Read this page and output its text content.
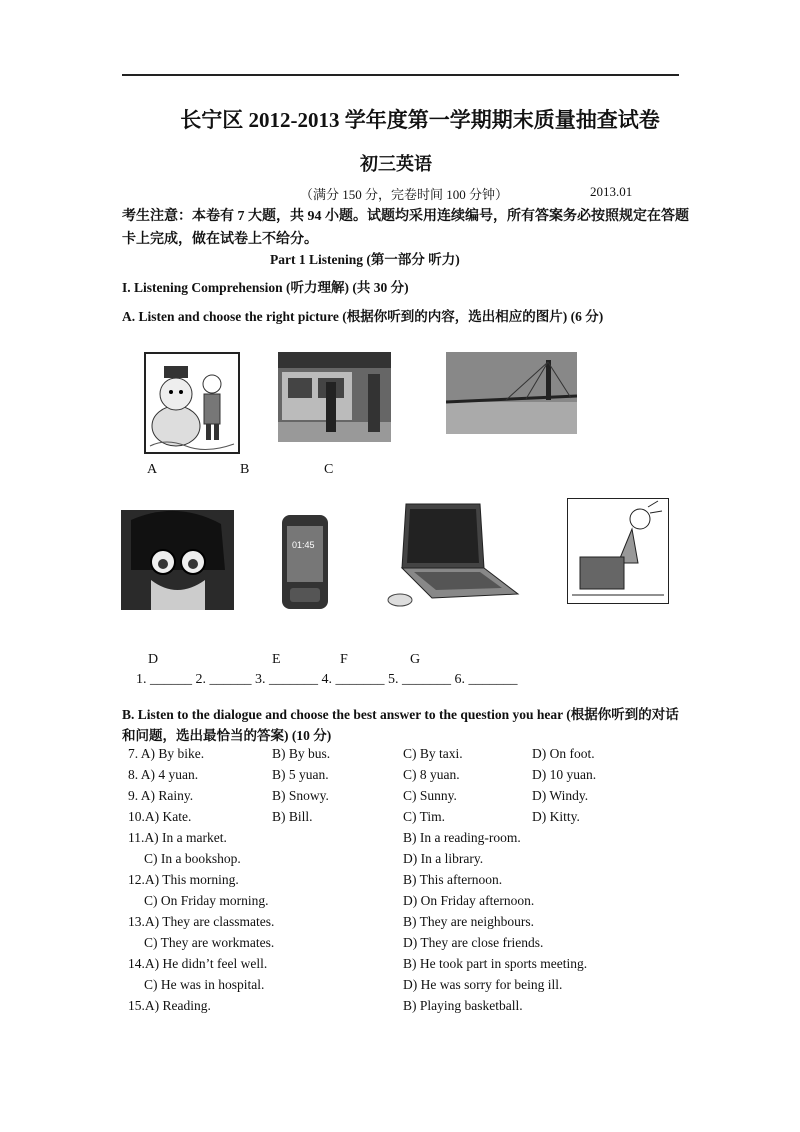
长宁区 2012-2013 学年度第一学期期末质量抽查试卷
初三英语
（满分 150 分，完卷时间 100 分钟）	2013.01
考生注意：本卷有 7 大题，共 94 小题。试题均采用连续编号，所有答案务必按照规定在答题卡上完成，做在试卷上不给分。
Part 1 Listening (第一部分 听力)
I. Listening Comprehension (听力理解) (共 30 分)
A. Listen and choose the right picture (根据你听到的内容，选出相应的图片) (6 分)
A	B	C
01:45
D	E	F	G
1. ______ 2. ______ 3. _______ 4. _______ 5. _______ 6. _______
B. Listen to the dialogue and choose the best answer to the question you hear (根据你听到的对话和问题，选出最恰当的答案) (10 分)
7. A) By bike.	B) By bus.	C) By taxi.	D) On foot.
8. A) 4 yuan.	B) 5 yuan.	C) 8 yuan.	D) 10 yuan.
9. A) Rainy.	B) Snowy.	C) Sunny.	D) Windy.
10.A) Kate.	B) Bill.	C) Tim.	D) Kitty.
11.A) In a market.	B) In a reading-room.
C) In a bookshop.	D) In a library.
12.A) This morning.	B) This afternoon.
C) On Friday morning.	D) On Friday afternoon.
13.A) They are classmates.	B) They are neighbours.
C) They are workmates.	D) They are close friends.
14.A) He didn’t feel well.	B) He took part in sports meeting.
C) He was in hospital.	D) He was sorry for being ill.
15.A) Reading.	B) Playing basketball.
